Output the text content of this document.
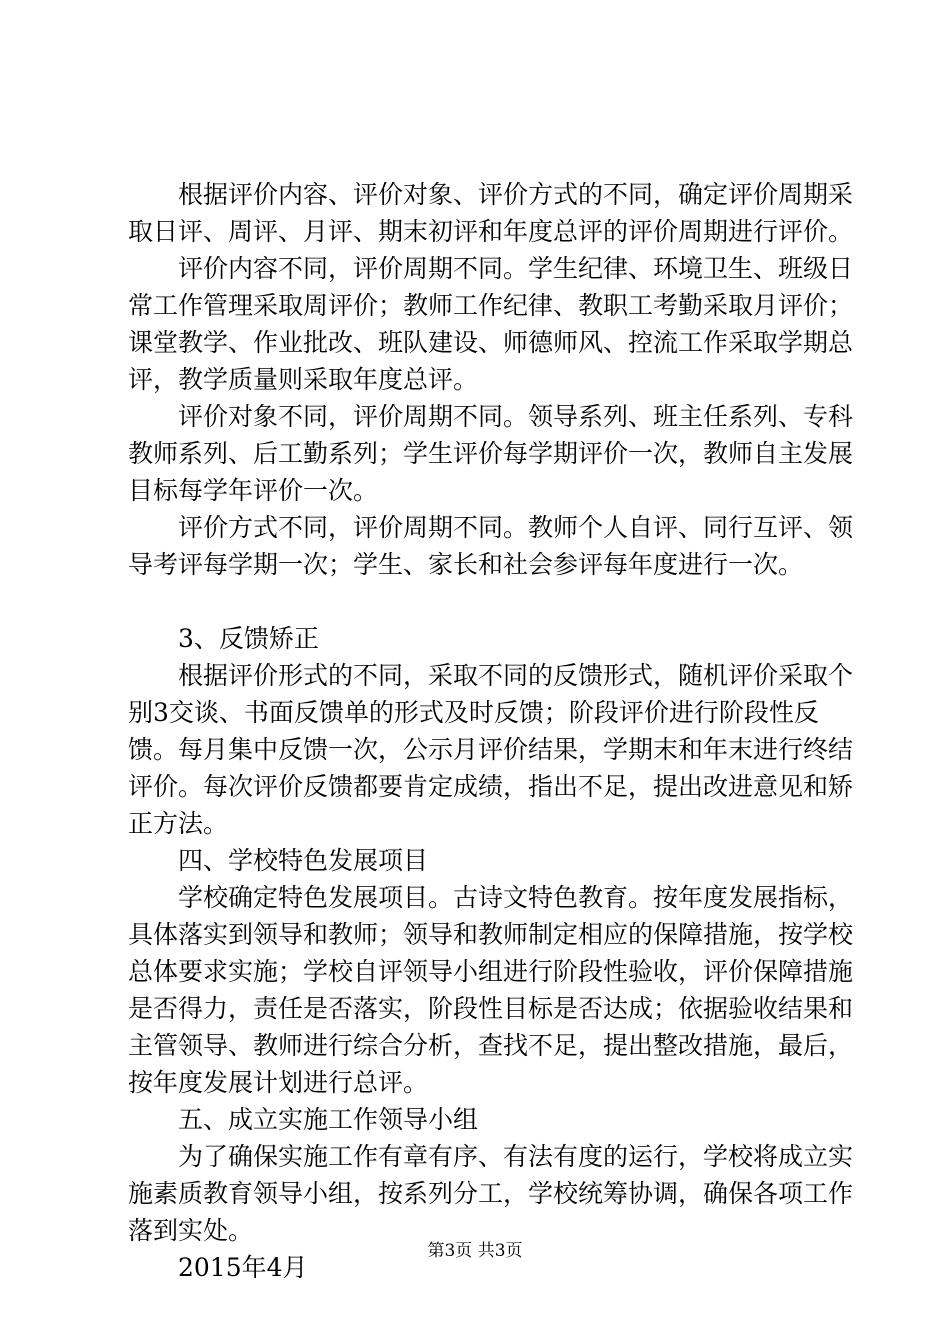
根据评价内容、评价对象、评价方式的不同，确定评价周期采取日评、周评、月评、期末初评和年度总评的评价周期进行评价。

评价内容不同，评价周期不同。学生纪律、环境卫生、班级日常工作管理采取周评价；教师工作纪律、教职工考勤采取月评价；课堂教学、作业批改、班队建设、师德师风、控流工作采取学期总评，教学质量则采取年度总评。

评价对象不同，评价周期不同。领导系列、班主任系列、专科教师系列、后工勤系列；学生评价每学期评价一次，教师自主发展目标每学年评价一次。

评价方式不同，评价周期不同。教师个人自评、同行互评、领导考评每学期一次；学生、家长和社会参评每年度进行一次。

3、反馈矫正

根据评价形式的不同，采取不同的反馈形式，随机评价采取个别3交谈、书面反馈单的形式及时反馈；阶段评价进行阶段性反馈。每月集中反馈一次，公示月评价结果，学期末和年末进行终结评价。每次评价反馈都要肯定成绩，指出不足，提出改进意见和矫正方法。

四、学校特色发展项目

学校确定特色发展项目。古诗文特色教育。按年度发展指标，具体落实到领导和教师；领导和教师制定相应的保障措施，按学校总体要求实施；学校自评领导小组进行阶段性验收，评价保障措施是否得力，责任是否落实，阶段性目标是否达成；依据验收结果和主管领导、教师进行综合分析，查找不足，提出整改措施，最后，按年度发展计划进行总评。

五、成立实施工作领导小组

为了确保实施工作有章有序、有法有度的运行，学校将成立实施素质教育领导小组，按系列分工，学校统筹协调，确保各项工作落到实处。

2015年4月

第3页 共3页
